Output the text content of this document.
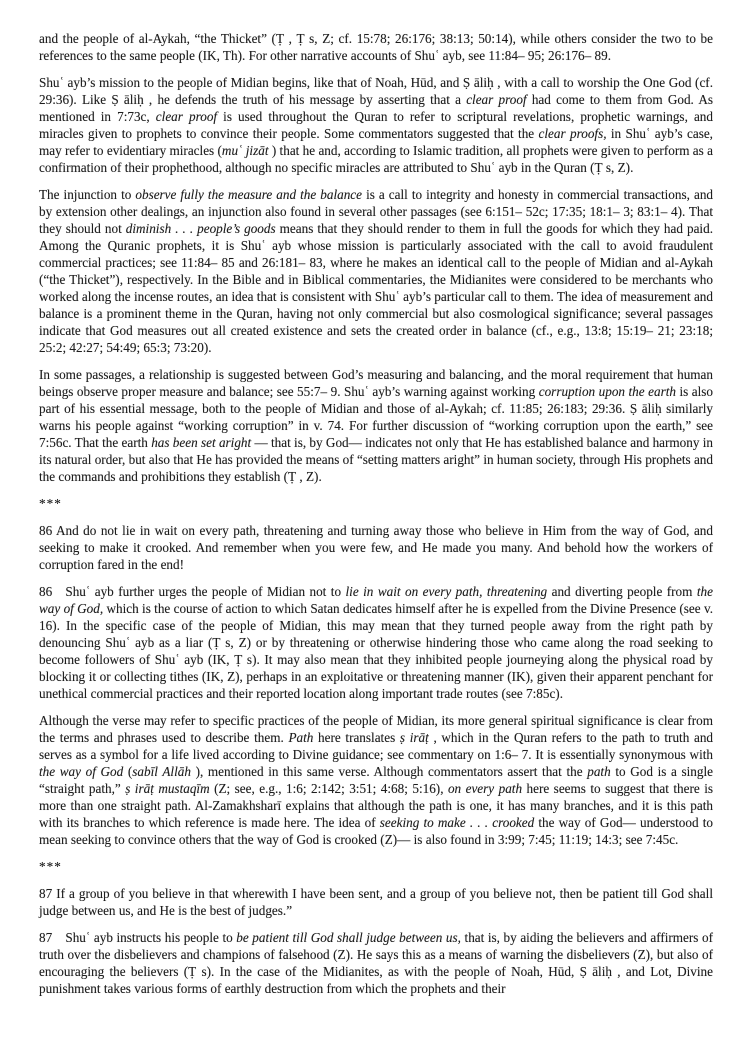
and the people of al-Aykah, “the Thicket” (Ṭ , Ṭ s, Z; cf. 15:78; 26:176; 38:13; 50:14), while others consider the two to be references to the same people (IK, Th). For other narrative accounts of Shuʿ ayb, see 11:84– 95; 26:176– 89.

Shuʿ ayb’s mission to the people of Midian begins, like that of Noah, Hūd, and Ṣ āliḥ , with a call to worship the One God (cf. 29:36). Like Ṣ āliḥ , he defends the truth of his message by asserting that a clear proof had come to them from God. As mentioned in 7:73c, clear proof is used throughout the Quran to refer to scriptural revelations, prophetic warnings, and miracles given to prophets to convince their people. Some commentators suggested that the clear proofs, in Shuʿ ayb’s case, may refer to evidentiary miracles (muʿ jizāt ) that he and, according to Islamic tradition, all prophets were given to perform as a confirmation of their prophethood, although no specific miracles are attributed to Shuʿ ayb in the Quran (Ṭ s, Z).

The injunction to observe fully the measure and the balance is a call to integrity and honesty in commercial transactions, and by extension other dealings, an injunction also found in several other passages (see 6:151– 52c; 17:35; 18:1– 3; 83:1– 4). That they should not diminish . . . people’s goods means that they should render to them in full the goods for which they had paid. Among the Quranic prophets, it is Shuʿ ayb whose mission is particularly associated with the call to avoid fraudulent commercial practices; see 11:84– 85 and 26:181– 83, where he makes an identical call to the people of Midian and al-Aykah (“the Thicket”), respectively. In the Bible and in Biblical commentaries, the Midianites were considered to be merchants who worked along the incense routes, an idea that is consistent with Shuʿ ayb’s particular call to them. The idea of measurement and balance is a prominent theme in the Quran, having not only commercial but also cosmological significance; several passages indicate that God measures out all created existence and sets the created order in balance (cf., e.g., 13:8; 15:19– 21; 23:18; 25:2; 42:27; 54:49; 65:3; 73:20).

In some passages, a relationship is suggested between God’s measuring and balancing, and the moral requirement that human beings observe proper measure and balance; see 55:7– 9. Shuʿ ayb’s warning against working corruption upon the earth is also part of his essential message, both to the people of Midian and those of al-Aykah; cf. 11:85; 26:183; 29:36. Ṣ āliḥ similarly warns his people against “working corruption” in v. 74. For further discussion of “working corruption upon the earth,” see 7:56c. That the earth has been set aright — that is, by God— indicates not only that He has established balance and harmony in its natural order, but also that He has provided the means of “setting matters aright” in human society, through His prophets and the commands and prohibitions they establish (Ṭ , Z).

***

86 And do not lie in wait on every path, threatening and turning away those who believe in Him from the way of God, and seeking to make it crooked. And remember when you were few, and He made you many. And behold how the workers of corruption fared in the end!

86 Shuʿ ayb further urges the people of Midian not to lie in wait on every path, threatening and diverting people from the way of God, which is the course of action to which Satan dedicates himself after he is expelled from the Divine Presence (see v. 16). In the specific case of the people of Midian, this may mean that they turned people away from the right path by denouncing Shuʿ ayb as a liar (Ṭ s, Z) or by threatening or otherwise hindering those who came along the road seeking to become followers of Shuʿ ayb (IK, Ṭ s). It may also mean that they inhibited people journeying along the physical road by blocking it or collecting tithes (IK, Z), perhaps in an exploitative or threatening manner (IK), given their apparent penchant for unethical commercial practices and their reported location along important trade routes (see 7:85c).

Although the verse may refer to specific practices of the people of Midian, its more general spiritual significance is clear from the terms and phrases used to describe them. Path here translates ṣ irāṭ , which in the Quran refers to the path to truth and serves as a symbol for a life lived according to Divine guidance; see commentary on 1:6– 7. It is essentially synonymous with the way of God (sabīl Allāh ), mentioned in this same verse. Although commentators assert that the path to God is a single “straight path,” ṣ irāṭ mustaqīm (Z; see, e.g., 1:6; 2:142; 3:51; 4:68; 5:16), on every path here seems to suggest that there is more than one straight path. Al-Zamakhsharī explains that although the path is one, it has many branches, and it is this path with its branches to which reference is made here. The idea of seeking to make . . . crooked the way of God— understood to mean seeking to convince others that the way of God is crooked (Z)— is also found in 3:99; 7:45; 11:19; 14:3; see 7:45c.

***

87 If a group of you believe in that wherewith I have been sent, and a group of you believe not, then be patient till God shall judge between us, and He is the best of judges.”

87 Shuʿ ayb instructs his people to be patient till God shall judge between us, that is, by aiding the believers and affirmers of truth over the disbelievers and champions of falsehood (Z). He says this as a means of warning the disbelievers (Z), but also of encouraging the believers (Ṭ s). In the case of the Midianites, as with the people of Noah, Hūd, Ṣ āliḥ , and Lot, Divine punishment takes various forms of earthly destruction from which the prophets and their
